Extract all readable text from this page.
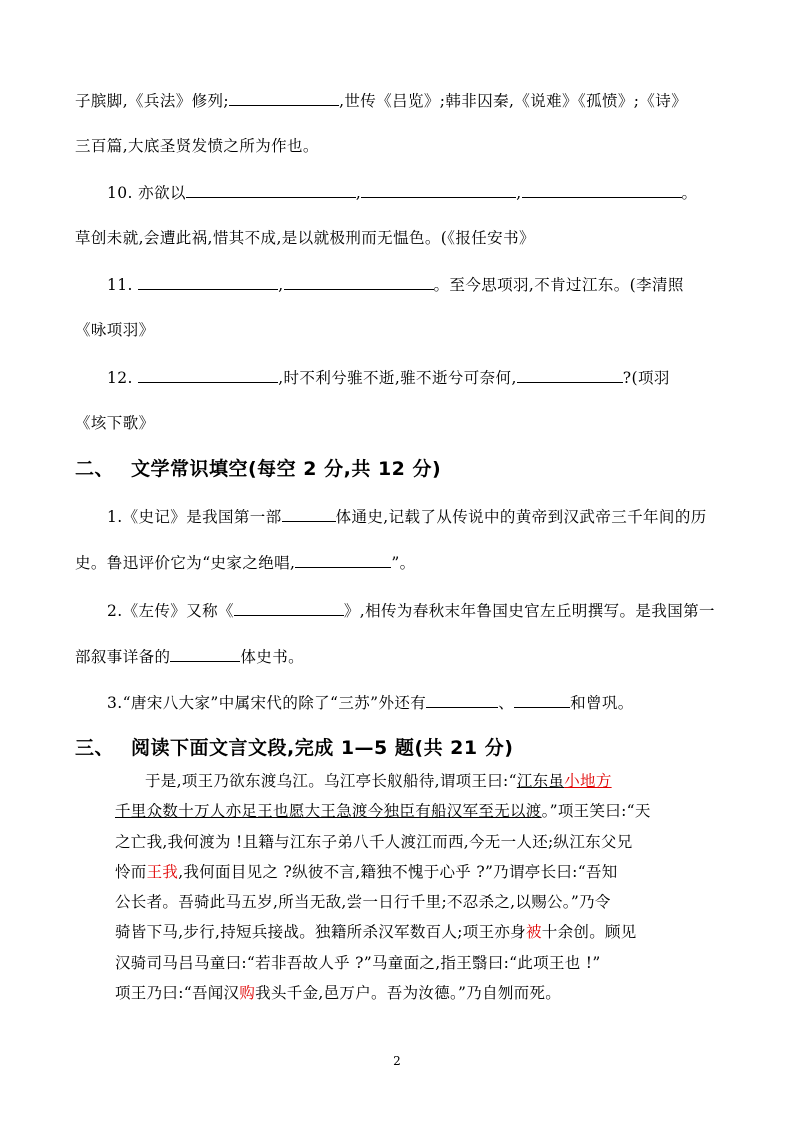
子膑脚,《兵法》修列;	,世传《吕览》;韩非囚秦,《说难》《孤愤》;《诗》
三百篇,大底圣贤发愤之所为作也。
10. 亦欲以	,	,	。
草创未就,会遭此祸,惜其不成,是以就极刑而无愠色。(《报任安书》
11.	,	。至今思项羽,不肯过江东。(李清照
《咏项羽》
12.	,时不利兮骓不逝,骓不逝兮可奈何,	?(项羽
《垓下歌》
二、 文学常识填空(每空 2 分,共 12 分)
1.《史记》是我国第一部	体通史,记载了从传说中的黄帝到汉武帝三千年间的历
史。鲁迅评价它为“史家之绝唱,	”。
2.《左传》又称《	》,相传为春秋末年鲁国史官左丘明撰写。是我国第一
部叙事详备的	体史书。
3.“唐宋八大家”中属宋代的除了“三苏”外还有	、	和曾巩。
三、 阅读下面文言文段,完成 1—5 题(共 21 分)
于是,项王乃欲东渡乌江。乌江亭长舣船待,谓项王曰:“江东虽小地方
千里众数十万人亦足王也愿大王急渡今独臣有船汉军至无以渡。”项王笑曰:“天
之亡我,我何渡为 !且籍与江东子弟八千人渡江而西,今无一人还;纵江东父兄
怜而王我,我何面目见之 ?纵彼不言,籍独不愧于心乎 ?”乃谓亭长曰:“吾知
公长者。吾骑此马五岁,所当无敌,尝一日行千里;不忍杀之,以赐公。”乃令
骑皆下马,步行,持短兵接战。独籍所杀汉军数百人;项王亦身被十余创。顾见
汉骑司马吕马童曰:“若非吾故人乎 ?”马童面之,指王翳曰:“此项王也 !”
项王乃曰:“吾闻汉购我头千金,邑万户。吾为汝德。”乃自刎而死。
2
